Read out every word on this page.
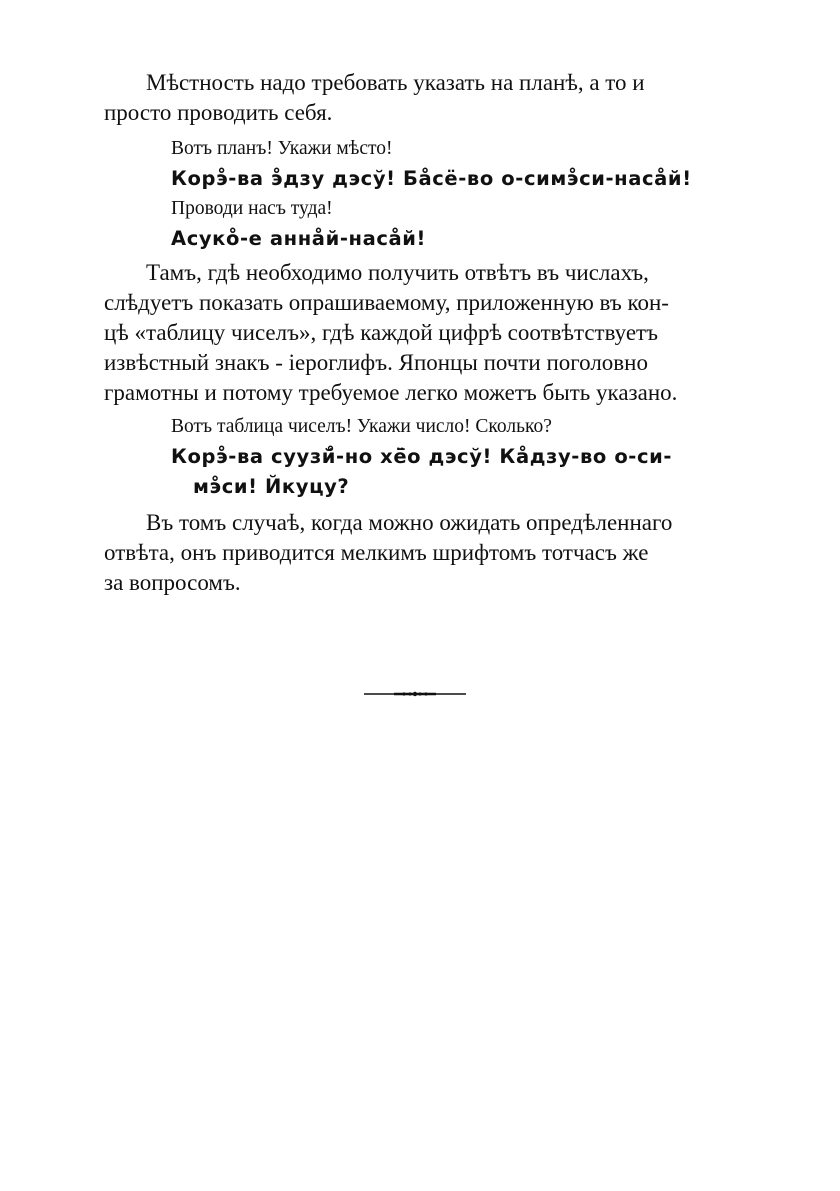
Мѣстность надо требовать указать на планѣ, а то и
просто проводить себя.
Вотъ планъ! Укажи мѣсто!
Корэ̊-ва э̊дзу дэсў! Ба̊сё-во о-симэ̊си-наса̊й!
Проводи насъ туда!
Асуко̊-е анна̊й-наса̊й!
Тамъ, гдѣ необходимо получить отвѣтъ въ числахъ,
слѣдуетъ показать опрашиваемому, приложенную въ кон-
цѣ «таблицу чиселъ», гдѣ каждой цифрѣ соотвѣтствуетъ
извѣстный знакъ - іероглифъ. Японцы почти поголовно
грамотны и потому требуемое легко можетъ быть указано.
Вотъ таблица чиселъ! Укажи число! Сколько?
Корэ̊-ва суузй̊-но хё̄о дэсў! Ка̊дзу-во о-си-
мэ̊си! Йкуцу?
Въ томъ случаѣ, когда можно ожидать опредѣленнаго
отвѣта, онъ приводится мелкимъ шрифтомъ тотчасъ же
за вопросомъ.
